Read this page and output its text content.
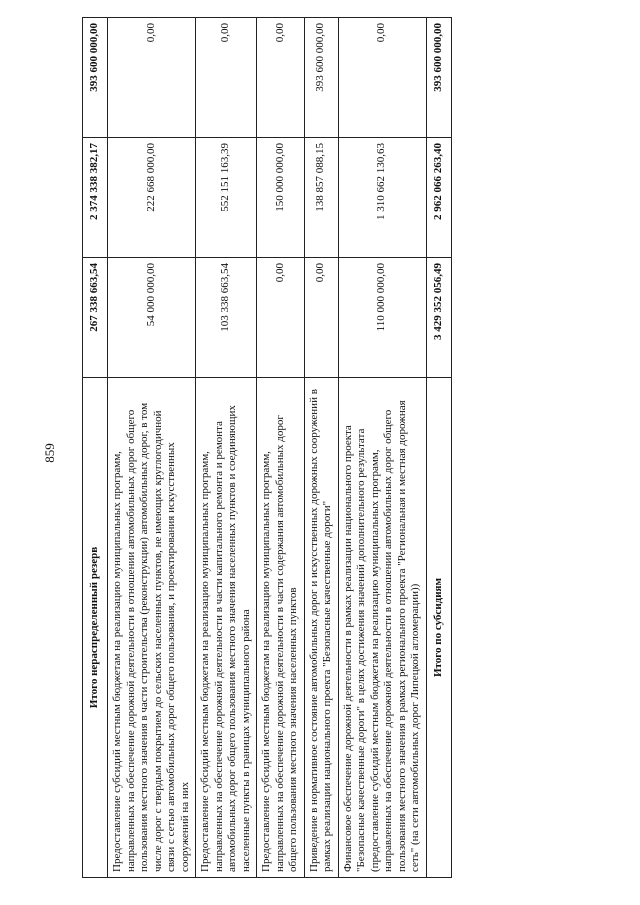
859
Итого нераспределенный резерв	267 338 663,54	2 374 338 382,17	393 600 000,00
Предоставление субсидий местным бюджетам на реализацию муниципальных программ, направленных на обеспечение дорожной деятельности в отношении автомобильных дорог общего пользования местного значения в части строительства (реконструкции) автомобильных дорог, в том числе дорог с твердым покрытием до сельских населенных пунктов, не имеющих круглогодичной связи с сетью автомобильных дорог общего пользования, и проектирования искусственных сооружений на них	54 000 000,00	222 668 000,00	0,00
Предоставление субсидий местным бюджетам на реализацию муниципальных программ, направленных на обеспечение дорожной деятельности в части капитального ремонта и ремонта автомобильных дорог общего пользования местного значения населенных пунктов и соединяющих населенные пункты в границах муниципального района	103 338 663,54	552 151 163,39	0,00
Предоставление субсидий местным бюджетам на реализацию муниципальных программ, направленных на обеспечение дорожной деятельности в части содержания автомобильных дорог общего пользования местного значения населенных пунктов	0,00	150 000 000,00	0,00
Приведение в нормативное состояние автомобильных дорог и искусственных дорожных сооружений в рамках реализации национального проекта "Безопасные качественные дороги"	0,00	138 857 088,15	393 600 000,00
Финансовое обеспечение дорожной деятельности в рамках реализации национального проекта "Безопасные качественные дороги" в целях достижения значений дополнительного результата (предоставление субсидий местным бюджетам на реализацию муниципальных программ, направленных на обеспечение дорожной деятельности в отношении автомобильных дорог общего пользования местного значения в рамках регионального проекта "Региональная и местная дорожная сеть" (на сети автомобильных дорог Липецкой агломерации))	110 000 000,00	1 310 662 130,63	0,00
Итого по субсидиям	3 429 352 056,49	2 962 066 263,40	393 600 000,00
